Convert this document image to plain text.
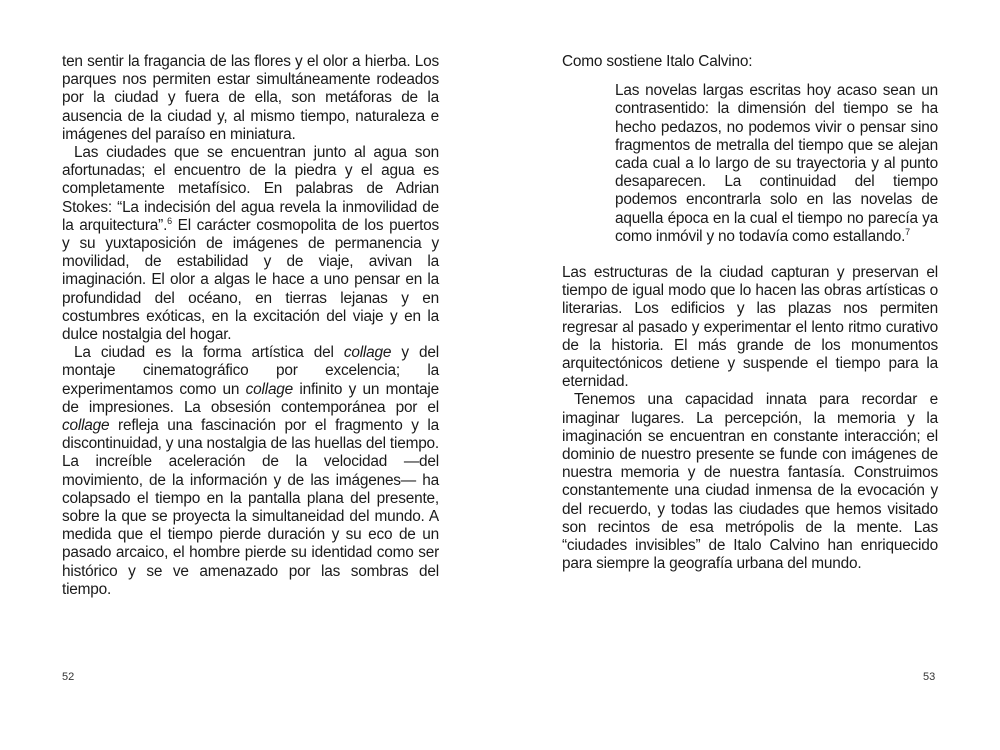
ten sentir la fragancia de las flores y el olor a hierba. Los parques nos permiten estar simultáneamente rodeados por la ciudad y fuera de ella, son metáforas de la ausencia de la ciudad y, al mismo tiempo, naturaleza e imágenes del paraíso en miniatura.

Las ciudades que se encuentran junto al agua son afortunadas; el encuentro de la piedra y el agua es completamente metafísico. En palabras de Adrian Stokes: “La indecisión del agua revela la inmovilidad de la arquitectura”.$^6$ El carácter cosmopolita de los puertos y su yuxtaposición de imágenes de permanencia y movilidad, de estabilidad y de viaje, avivan la imaginación. El olor a algas le hace a uno pensar en la profundidad del océano, en tierras lejanas y en costumbres exóticas, en la excitación del viaje y en la dulce nostalgia del hogar.

La ciudad es la forma artística del collage y del montaje cinematográfico por excelencia; la experimentamos como un collage infinito y un montaje de impresiones. La obsesión contemporánea por el collage refleja una fascinación por el fragmento y la discontinuidad, y una nostalgia de las huellas del tiempo. La increíble aceleración de la velocidad —del movimiento, de la información y de las imágenes— ha colapsado el tiempo en la pantalla plana del presente, sobre la que se proyecta la simultaneidad del mundo. A medida que el tiempo pierde duración y su eco de un pasado arcaico, el hombre pierde su identidad como ser histórico y se ve amenazado por las sombras del tiempo.

52

Como sostiene Italo Calvino:

Las novelas largas escritas hoy acaso sean un contrasentido: la dimensión del tiempo se ha hecho pedazos, no podemos vivir o pensar sino fragmentos de metralla del tiempo que se alejan cada cual a lo largo de su trayectoria y al punto desaparecen. La continuidad del tiempo podemos encontrarla solo en las novelas de aquella época en la cual el tiempo no parecía ya como inmóvil y no todavía como estallando.$^7$

Las estructuras de la ciudad capturan y preservan el tiempo de igual modo que lo hacen las obras artísticas o literarias. Los edificios y las plazas nos permiten regresar al pasado y experimentar el lento ritmo curativo de la historia. El más grande de los monumentos arquitectónicos detiene y suspende el tiempo para la eternidad.

Tenemos una capacidad innata para recordar e imaginar lugares. La percepción, la memoria y la imaginación se encuentran en constante interacción; el dominio de nuestro presente se funde con imágenes de nuestra memoria y de nuestra fantasía. Construimos constantemente una ciudad inmensa de la evocación y del recuerdo, y todas las ciudades que hemos visitado son recintos de esa metrópolis de la mente. Las “ciudades invisibles” de Italo Calvino han enriquecido para siempre la geografía urbana del mundo.

53
